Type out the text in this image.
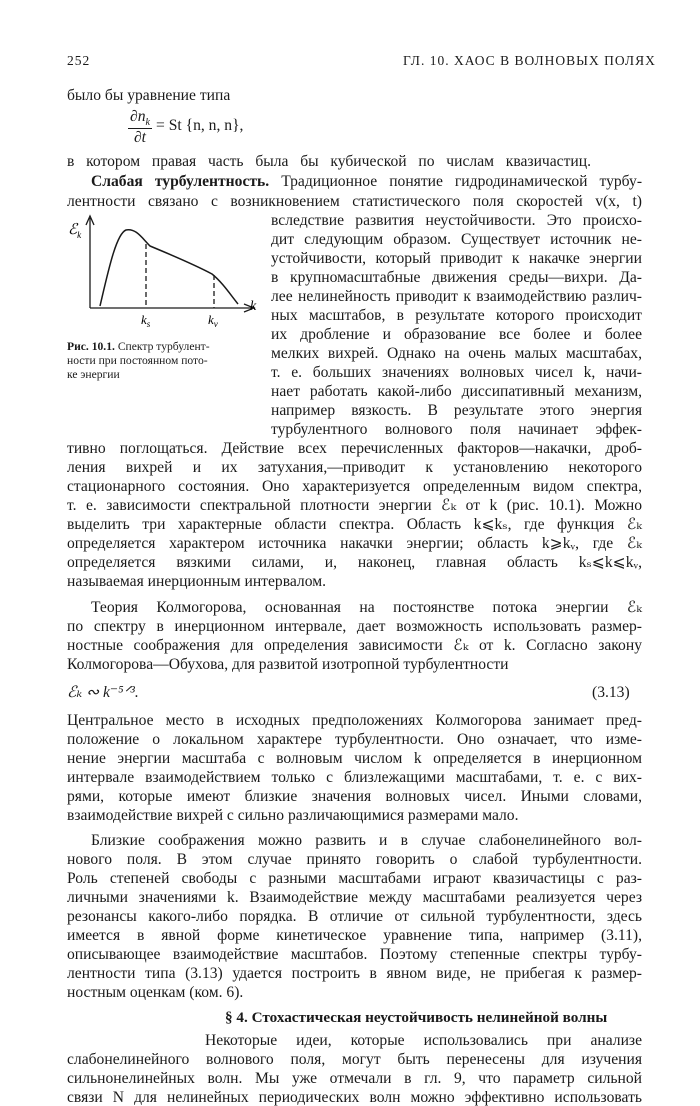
252	ГЛ. 10. ХАОС В ВОЛНОВЫХ ПОЛЯХ
было бы уравнение типа
$\partial n_k$
∂t
= St {n, n, n},
в котором правая часть была бы кубической по числам квазичастиц.
Слабая турбулентность. Традиционное понятие гидродинамической турбу-
лентности связано с возникновением статистического поля скоростей v(x, t)
вследствие развития неустойчивости. Это происхо-
дит следующим образом. Существует источник не-
устойчивости, который приводит к накачке энергии
в крупномасштабные движения среды—вихри. Да-
лее нелинейность приводит к взаимодействию различ-
ных масштабов, в результате которого происходит
их дробление и образование все более и более
мелких вихрей. Однако на очень малых масштабах,
т. е. больших значениях волновых чисел k, начи-
нает работать какой-либо диссипативный механизм,
например вязкость. В результате этого энергия
турбулентного волнового поля начинает эффек-
ℰ$_k$
k
$k_s$	$k_\nu$
Рис. 10.1. Спектр турбулент-
ности при постоянном пото-
ке энергии
тивно поглощаться. Действие всех перечисленных факторов—накачки, дроб-
ления вихрей и их затухания,—приводит к установлению некоторого
стационарного состояния. Оно характеризуется определенным видом спектра,
т. е. зависимости спектральной плотности энергии ℰₖ от k (рис. 10.1). Можно
выделить три характерные области спектра. Область k⩽kₛ, где функция ℰₖ
определяется характером источника накачки энергии; область k⩾kᵥ, где ℰₖ
определяется вязкими силами, и, наконец, главная область kₛ⩽k⩽kᵥ,
называемая инерционным интервалом.
Теория Колмогорова, основанная на постоянстве потока энергии ℰₖ
по спектру в инерционном интервале, дает возможность использовать размер-
ностные соображения для определения зависимости ℰₖ от k. Согласно закону
Колмогорова—Обухова, для развитой изотропной турбулентности
ℰₖ ∾ k⁻⁵ᐟ³.	(3.13)
Центральное место в исходных предположениях Колмогорова занимает пред-
положение о локальном характере турбулентности. Оно означает, что изме-
нение энергии масштаба с волновым числом k определяется в инерционном
интервале взаимодействием только с близлежащими масштабами, т. е. с вих-
рями, которые имеют близкие значения волновых чисел. Иными словами,
взаимодействие вихрей с сильно различающимися размерами мало.
Близкие соображения можно развить и в случае слабонелинейного вол-
нового поля. В этом случае принято говорить о слабой турбулентности.
Роль степеней свободы с разными масштабами играют квазичастицы с раз-
личными значениями k. Взаимодействие между масштабами реализуется через
резонансы какого-либо порядка. В отличие от сильной турбулентности, здесь
имеется в явной форме кинетическое уравнение типа, например (3.11),
описывающее взаимодействие масштабов. Поэтому степенные спектры турбу-
лентности типа (3.13) удается построить в явном виде, не прибегая к размер-
ностным оценкам (ком. 6).
§ 4. Стохастическая неустойчивость нелинейной волны
Некоторые идеи, которые использовались при анализе
слабонелинейного волнового поля, могут быть перенесены для изучения
сильнонелинейных волн. Мы уже отмечали в гл. 9, что параметр сильной
связи N для нелинейных периодических волн можно эффективно использовать
